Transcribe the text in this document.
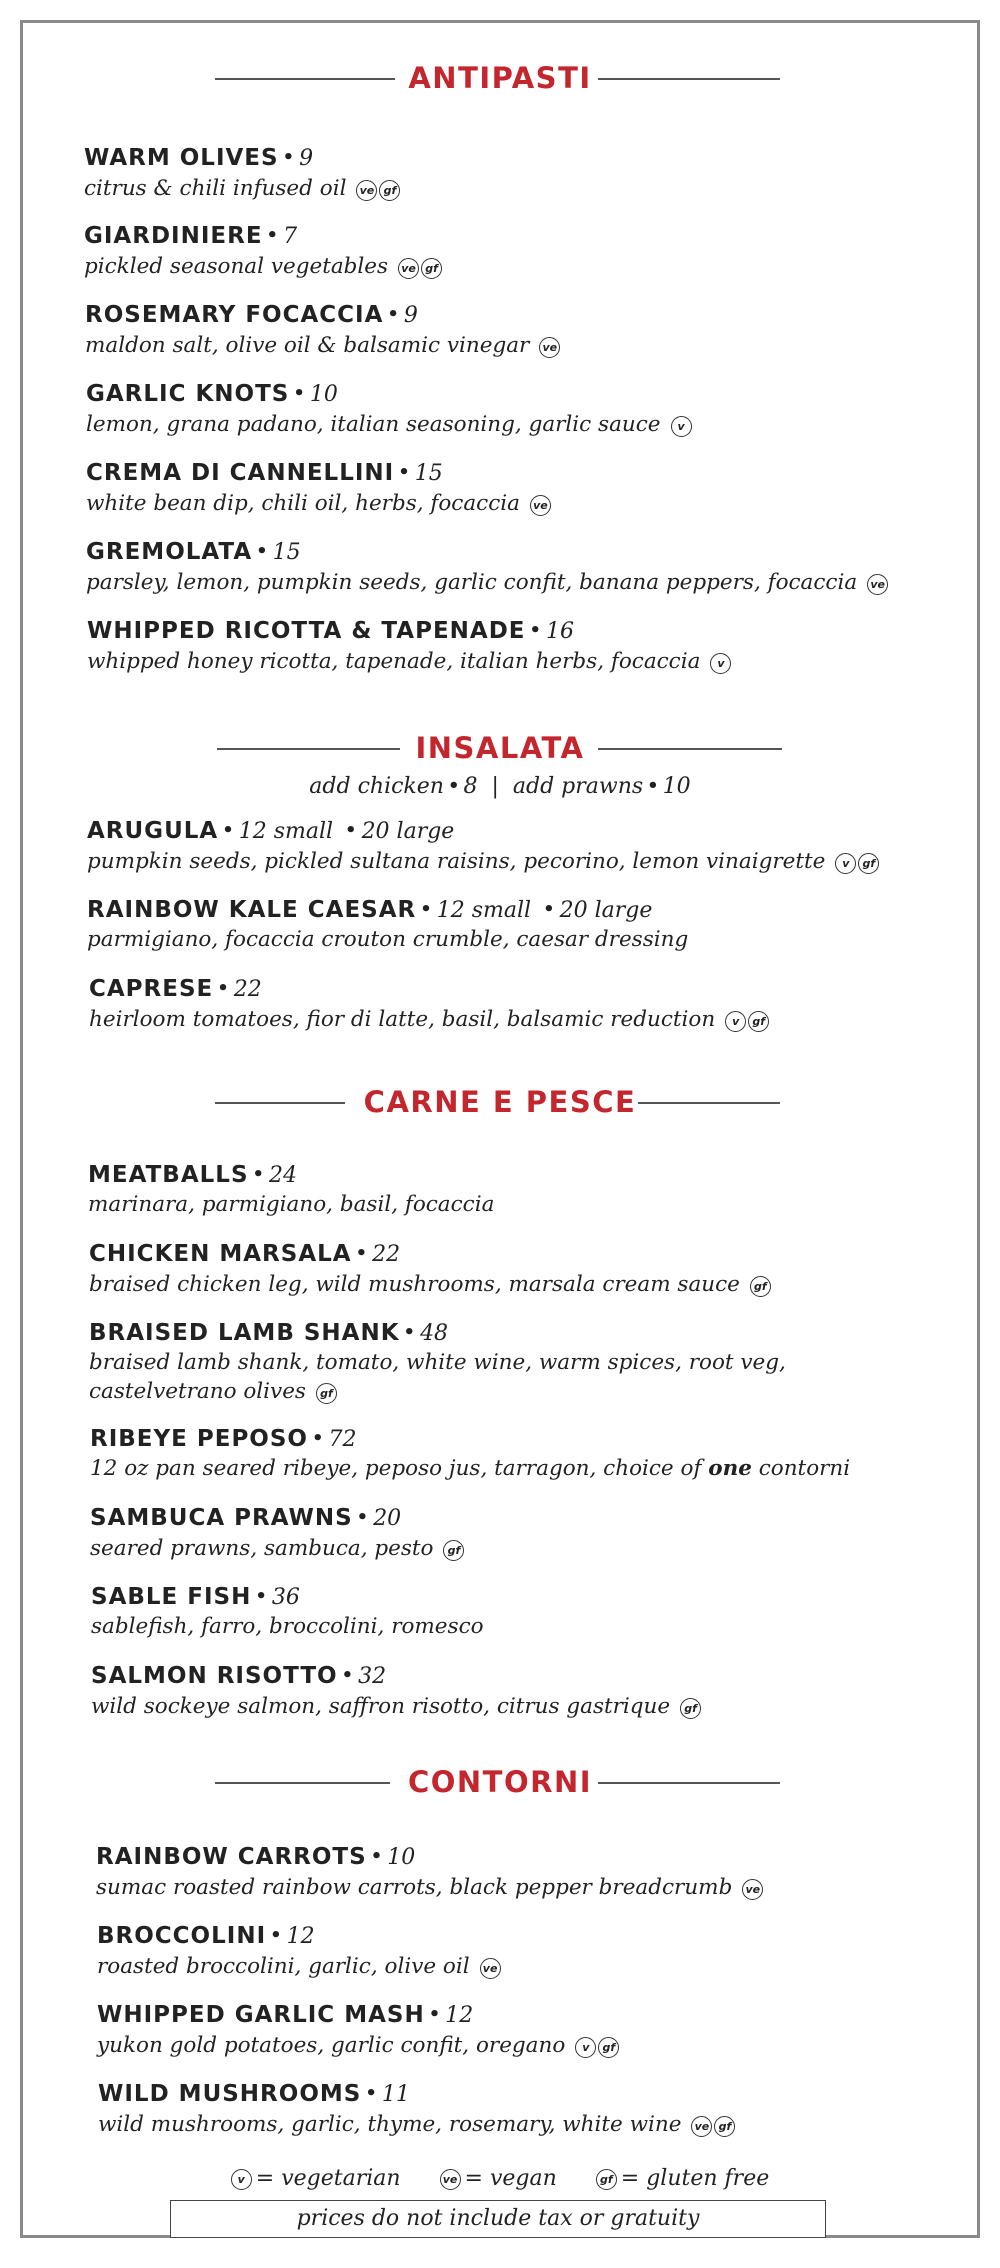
ANTIPASTI
WARM OLIVES • 9
citrus & chili infused oil ve gf
GIARDINIERE • 7
pickled seasonal vegetables ve gf
ROSEMARY FOCACCIA • 9
maldon salt, olive oil & balsamic vinegar ve
GARLIC KNOTS • 10
lemon, grana padano, italian seasoning, garlic sauce v
CREMA DI CANNELLINI • 15
white bean dip, chili oil, herbs, focaccia ve
GREMOLATA • 15
parsley, lemon, pumpkin seeds, garlic confit, banana peppers, focaccia ve
WHIPPED RICOTTA & TAPENADE • 16
whipped honey ricotta, tapenade, italian herbs, focaccia v
INSALATA
add chicken • 8 | add prawns • 10
ARUGULA • 12 small • 20 large
pumpkin seeds, pickled sultana raisins, pecorino, lemon vinaigrette v gf
RAINBOW KALE CAESAR • 12 small • 20 large
parmigiano, focaccia crouton crumble, caesar dressing
CAPRESE • 22
heirloom tomatoes, fior di latte, basil, balsamic reduction v gf
CARNE E PESCE
MEATBALLS • 24
marinara, parmigiano, basil, focaccia
CHICKEN MARSALA • 22
braised chicken leg, wild mushrooms, marsala cream sauce gf
BRAISED LAMB SHANK • 48
braised lamb shank, tomato, white wine, warm spices, root veg,
castelvetrano olives gf
RIBEYE PEPOSO • 72
12 oz pan seared ribeye, peposo jus, tarragon, choice of one contorni
SAMBUCA PRAWNS • 20
seared prawns, sambuca, pesto gf
SABLE FISH • 36
sablefish, farro, broccolini, romesco
SALMON RISOTTO • 32
wild sockeye salmon, saffron risotto, citrus gastrique gf
CONTORNI
RAINBOW CARROTS • 10
sumac roasted rainbow carrots, black pepper breadcrumb ve
BROCCOLINI • 12
roasted broccolini, garlic, olive oil ve
WHIPPED GARLIC MASH • 12
yukon gold potatoes, garlic confit, oregano v gf
WILD MUSHROOMS • 11
wild mushrooms, garlic, thyme, rosemary, white wine ve gf
v = vegetarian	ve = vegan	gf = gluten free
prices do not include tax or gratuity
